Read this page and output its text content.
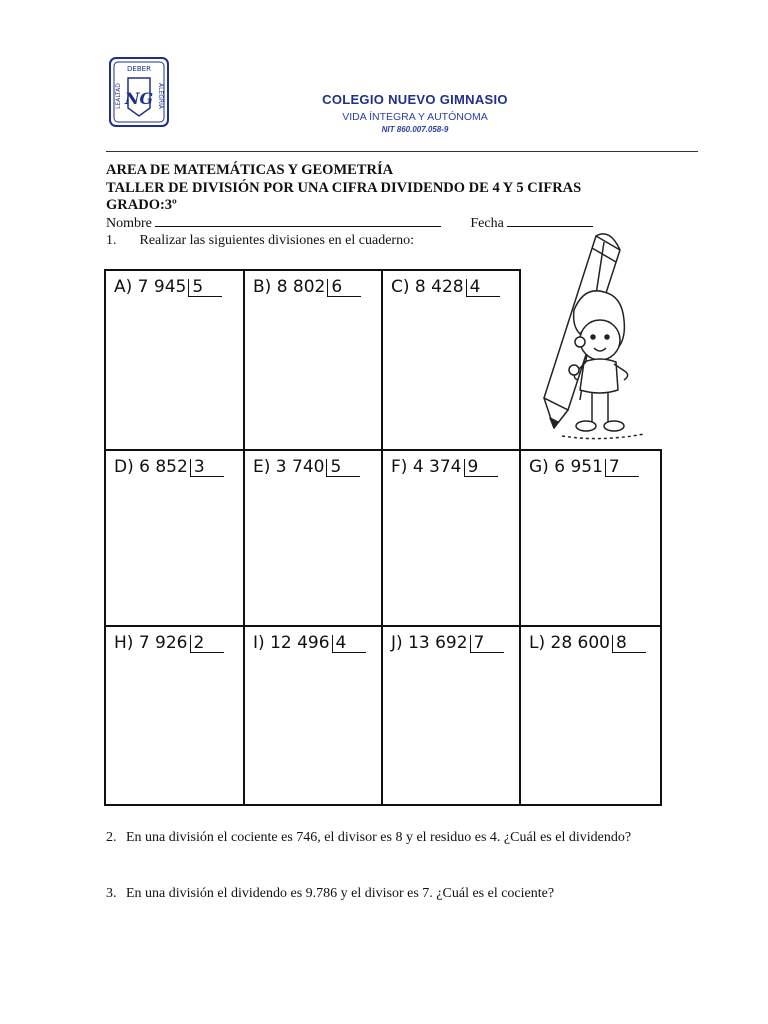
DEBER
LEALTAD	ALEGRIA
NG	COLEGIO NUEVO GIMNASIO
VIDA ÍNTEGRA Y AUTÓNOMA
NIT 860.007.058-9
AREA DE MATEMÁTICAS Y GEOMETRÍA
TALLER DE DIVISIÓN POR UNA CIFRA DIVIDENDO DE 4 Y 5 CIFRAS
GRADO:3º
Nombre	Fecha
1. Realizar las siguientes divisiones en el cuaderno:
A) 7 945 5	B) 8 802 6	C) 8 428 4
D) 6 852 3	E) 3 740 5	F) 4 374 9	G) 6 951 7
H) 7 926 2	I) 12 496 4	J) 13 692 7	L) 28 600 8
2. En una división el cociente es 746, el divisor es 8 y el residuo es 4. ¿Cuál es el dividendo?
3. En una división el dividendo es 9.786 y el divisor es 7. ¿Cuál es el cociente?
